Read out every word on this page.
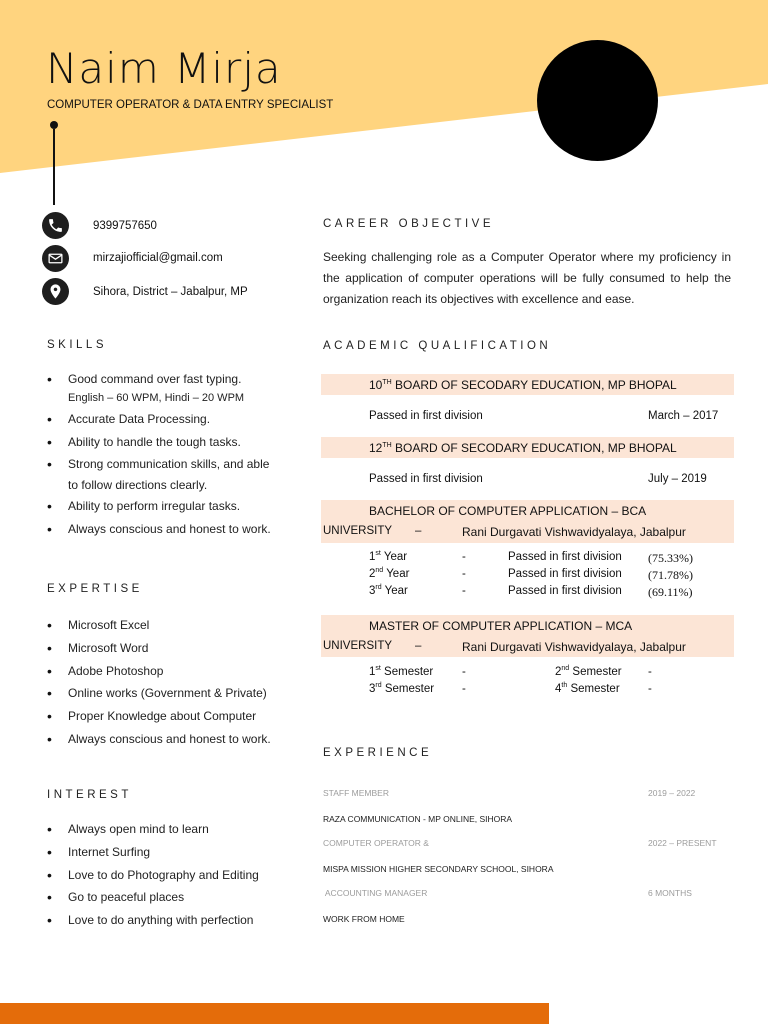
Naim Mirja
COMPUTER OPERATOR & DATA ENTRY SPECIALIST
9399757650
mirzajiofficial@gmail.com
Sihora, District – Jabalpur, MP
SKILLS
• Good command over fast typing.
English – 60 WPM, Hindi – 20 WPM
• Accurate Data Processing.
• Ability to handle the tough tasks.
• Strong communication skills, and able
to follow directions clearly.
• Ability to perform irregular tasks.
• Always conscious and honest to work.
EXPERTISE
• Microsoft Excel
• Microsoft Word
• Adobe Photoshop
• Online works (Government & Private)
• Proper Knowledge about Computer
• Always conscious and honest to work.
INTEREST
• Always open mind to learn
• Internet Surfing
• Love to do Photography and Editing
• Go to peaceful places
• Love to do anything with perfection
CAREER OBJECTIVE
Seeking challenging role as a Computer Operator where my proficiency in the application of computer operations will be fully consumed to help the organization reach its objectives with excellence and ease.
ACADEMIC QUALIFICATION
10TH BOARD OF SECODARY EDUCATION, MP BHOPAL
Passed in first division	March – 2017
12TH BOARD OF SECODARY EDUCATION, MP BHOPAL
Passed in first division	July – 2019
BACHELOR OF COMPUTER APPLICATION – BCA
UNIVERSITY –	Rani Durgavati Vishwavidyalaya, Jabalpur
1st Year	-	Passed in first division (75.33%)
2nd Year	-	Passed in first division (71.78%)
3rd Year	-	Passed in first division (69.11%)
MASTER OF COMPUTER APPLICATION – MCA
UNIVERSITY –	Rani Durgavati Vishwavidyalaya, Jabalpur
1st Semester -	2nd Semester -
3rd Semester -	4th Semester -
EXPERIENCE
STAFF MEMBER	2019 – 2022
RAZA COMMUNICATION - MP ONLINE, SIHORA
COMPUTER OPERATOR &	2022 – PRESENT
MISPA MISSION HIGHER SECONDARY SCHOOL, SIHORA
ACCOUNTING MANAGER	6 MONTHS
WORK FROM HOME
